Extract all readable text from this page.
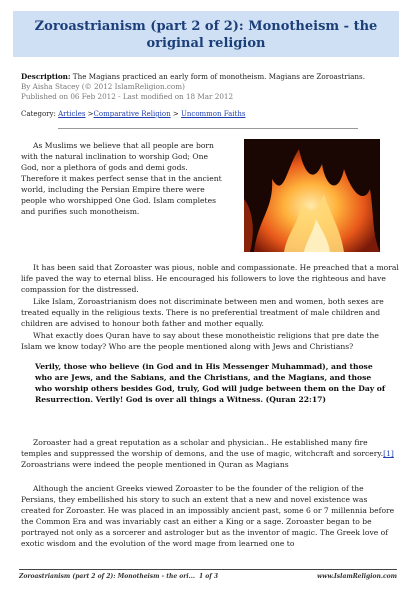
Zoroastrianism (part 2 of 2): Monotheism - the original religion
Description: The Magians practiced an early form of monotheism. Magians are Zoroastrians.
By Aisha Stacey (© 2012 IslamReligion.com)
Published on 06 Feb 2012 - Last modified on 18 Mar 2012
Category: Articles >Comparative Religion > Uncommon Faiths

As Muslims we believe that all people are born with the natural inclination to worship God; One God, nor a plethora of gods and demi gods. Therefore it makes perfect sense that in the ancient world, including the Persian Empire there were people who worshipped One God. Islam completes and purifies such monotheism.

It has been said that Zoroaster was pious, noble and compassionate. He preached that a moral life paved the way to eternal bliss. He encouraged his followers to love the righteous and have compassion for the distressed.

Like Islam, Zoroastrianism does not discriminate between men and women, both sexes are treated equally in the religious texts. There is no preferential treatment of male children and children are advised to honour both father and mother equally.

What exactly does Quran have to say about these monotheistic religions that pre date the Islam we know today? Who are the people mentioned along with Jews and Christians?

Verily, those who believe (in God and in His Messenger Muhammad), and those who are Jews, and the Sabians, and the Christians, and the Magians, and those who worship others besides God, truly, God will judge between them on the Day of Resurrection. Verily! God is over all things a Witness. (Quran 22:17)

Zoroaster had a great reputation as a scholar and physician.. He established many fire temples and suppressed the worship of demons, and the use of magic, witchcraft and sorcery.[1] Zoroastrians were indeed the people mentioned in Quran as Magians

Although the ancient Greeks viewed Zoroaster to be the founder of the religion of the Persians, they embellished his story to such an extent that a new and novel existence was created for Zoroaster. He was placed in an impossibly ancient past, some 6 or 7 millennia before the Common Era and was invariably cast an either a King or a sage. Zoroaster began to be portrayed not only as a sorcerer and astrologer but as the inventor of magic. The Greek love of exotic wisdom and the evolution of the word mage from learned one to

Zoroastrianism (part 2 of 2): Monotheism - the ori... 1 of 3	www.IslamReligion.com
